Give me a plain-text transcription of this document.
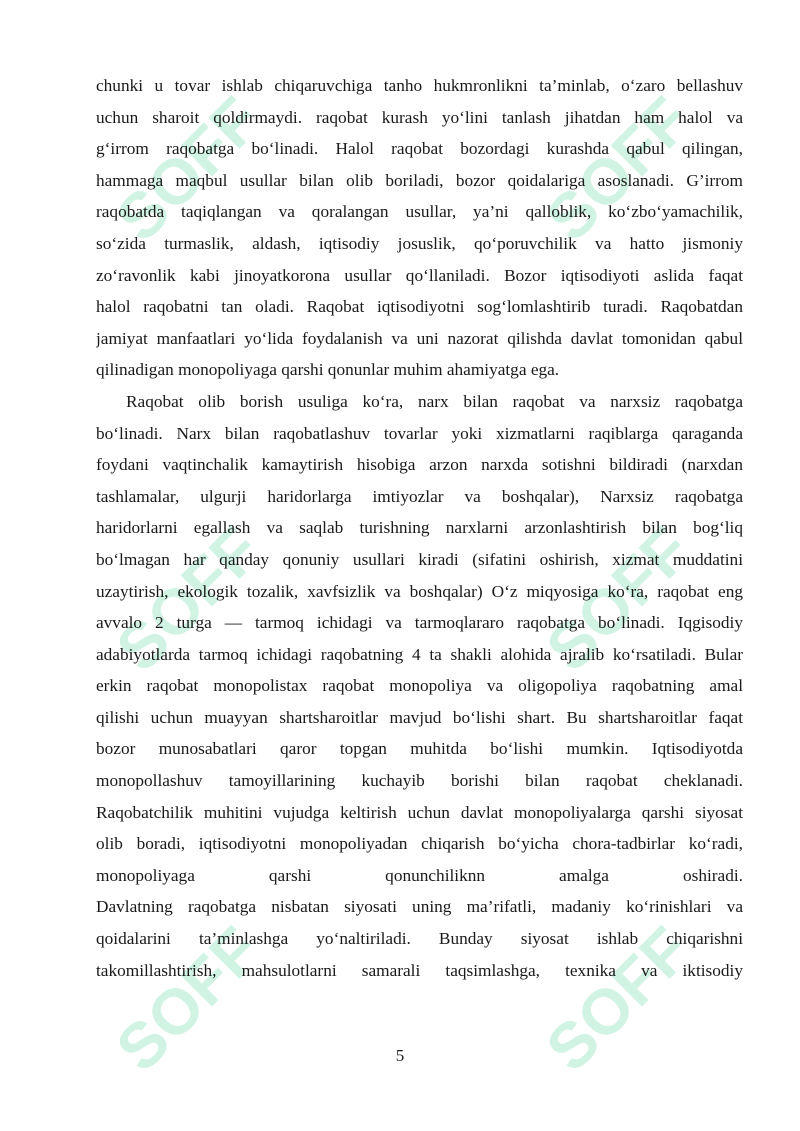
SOFF	SOFF
SOFF	SOFF
SOFF	SOFF
chunki u tovar ishlab chiqaruvchiga tanho hukmronlikni ta’minlab, o‘zaro bellashuv
uchun sharoit qoldirmaydi. raqobat kurash yo‘lini tanlash jihatdan ham halol va
g‘irrom raqobatga bo‘linadi. Halol raqobat bozordagi kurashda qabul qilingan,
hammaga maqbul usullar bilan olib boriladi, bozor qoidalariga asoslanadi. G’irrom
raqobatda taqiqlangan va qoralangan usullar, ya’ni qalloblik, ko‘zbo‘yamachilik,
so‘zida turmaslik, aldash, iqtisodiy josuslik, qo‘poruvchilik va hatto jismoniy
zo‘ravonlik kabi jinoyatkorona usullar qo‘llaniladi. Bozor iqtisodiyoti aslida faqat
halol raqobatni tan oladi. Raqobat iqtisodiyotni sog‘lomlashtirib turadi. Raqobatdan
jamiyat manfaatlari yo‘lida foydalanish va uni nazorat qilishda davlat tomonidan qabul
qilinadigan monopoliyaga qarshi qonunlar muhim ahamiyatga ega.
Raqobat olib borish usuliga ko‘ra, narx bilan raqobat va narxsiz raqobatga
bo‘linadi. Narx bilan raqobatlashuv tovarlar yoki xizmatlarni raqiblarga qaraganda
foydani vaqtinchalik kamaytirish hisobiga arzon narxda sotishni bildiradi (narxdan
tashlamalar, ulgurji haridorlarga imtiyozlar va boshqalar), Narxsiz raqobatga
haridorlarni egallash va saqlab turishning narxlarni arzonlashtirish bilan bog‘liq
bo‘lmagan har qanday qonuniy usullari kiradi (sifatini oshirish, xizmat muddatini
uzaytirish, ekologik tozalik, xavfsizlik va boshqalar) O‘z miqyosiga ko‘ra, raqobat eng
avvalo 2 turga — tarmoq ichidagi va tarmoqlararo raqobatga bo‘linadi. Iqgisodiy
adabiyotlarda tarmoq ichidagi raqobatning 4 ta shakli alohida ajralib ko‘rsatiladi. Bular
erkin raqobat monopolistax raqobat monopoliya va oligopoliya raqobatning amal
qilishi uchun muayyan shartsharoitlar mavjud bo‘lishi shart. Bu shartsharoitlar faqat
bozor munosabatlari qaror topgan muhitda bo‘lishi mumkin. Iqtisodiyotda
monopollashuv tamoyillarining kuchayib borishi bilan raqobat cheklanadi.
Raqobatchilik muhitini vujudga keltirish uchun davlat monopoliyalarga qarshi siyosat
olib boradi, iqtisodiyotni monopoliyadan chiqarish bo‘yicha chora-tadbirlar ko‘radi,
monopoliyaga qarshi qonunchiliknn amalga oshiradi.
Davlatning raqobatga nisbatan siyosati uning ma’rifatli, madaniy ko‘rinishlari va
qoidalarini ta’minlashga yo‘naltiriladi. Bunday siyosat ishlab chiqarishni
takomillashtirish, mahsulotlarni samarali taqsimlashga, texnika va iktisodiy
5
